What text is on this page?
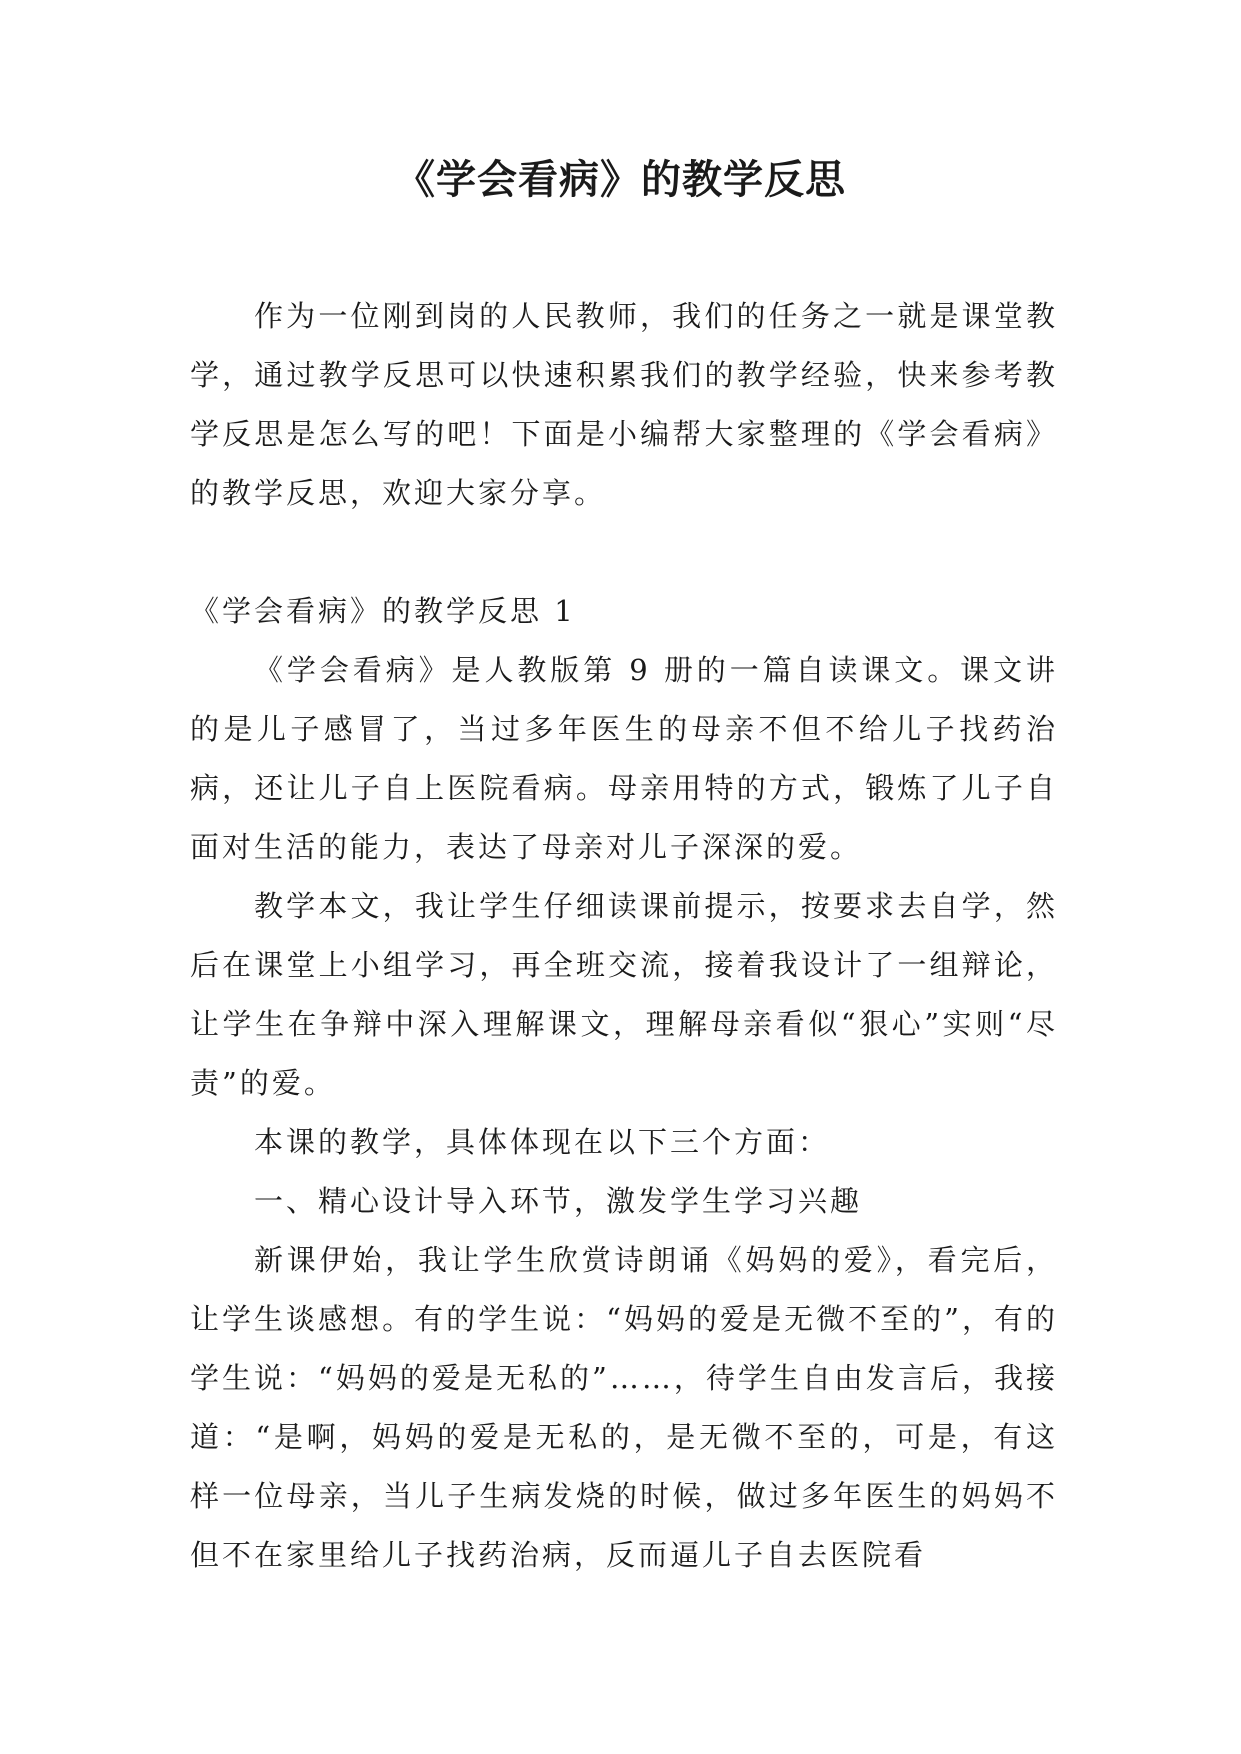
《学会看病》的教学反思

作为一位刚到岗的人民教师，我们的任务之一就是课堂教学，通过教学反思可以快速积累我们的教学经验，快来参考教学反思是怎么写的吧！下面是小编帮大家整理的《学会看病》的教学反思，欢迎大家分享。

《学会看病》的教学反思 1

《学会看病》是人教版第 9 册的一篇自读课文。课文讲的是儿子感冒了，当过多年医生的母亲不但不给儿子找药治病，还让儿子自上医院看病。母亲用特的方式，锻炼了儿子自面对生活的能力，表达了母亲对儿子深深的爱。

教学本文，我让学生仔细读课前提示，按要求去自学，然后在课堂上小组学习，再全班交流，接着我设计了一组辩论，让学生在争辩中深入理解课文，理解母亲看似“狠心”实则“尽责”的爱。

本课的教学，具体体现在以下三个方面：

一、精心设计导入环节，激发学生学习兴趣

新课伊始，我让学生欣赏诗朗诵《妈妈的爱》，看完后，让学生谈感想。有的学生说：“妈妈的爱是无微不至的”，有的学生说：“妈妈的爱是无私的”……，待学生自由发言后，我接道：“是啊，妈妈的爱是无私的，是无微不至的，可是，有这样一位母亲，当儿子生病发烧的时候，做过多年医生的妈妈不但不在家里给儿子找药治病，反而逼儿子自去医院看
